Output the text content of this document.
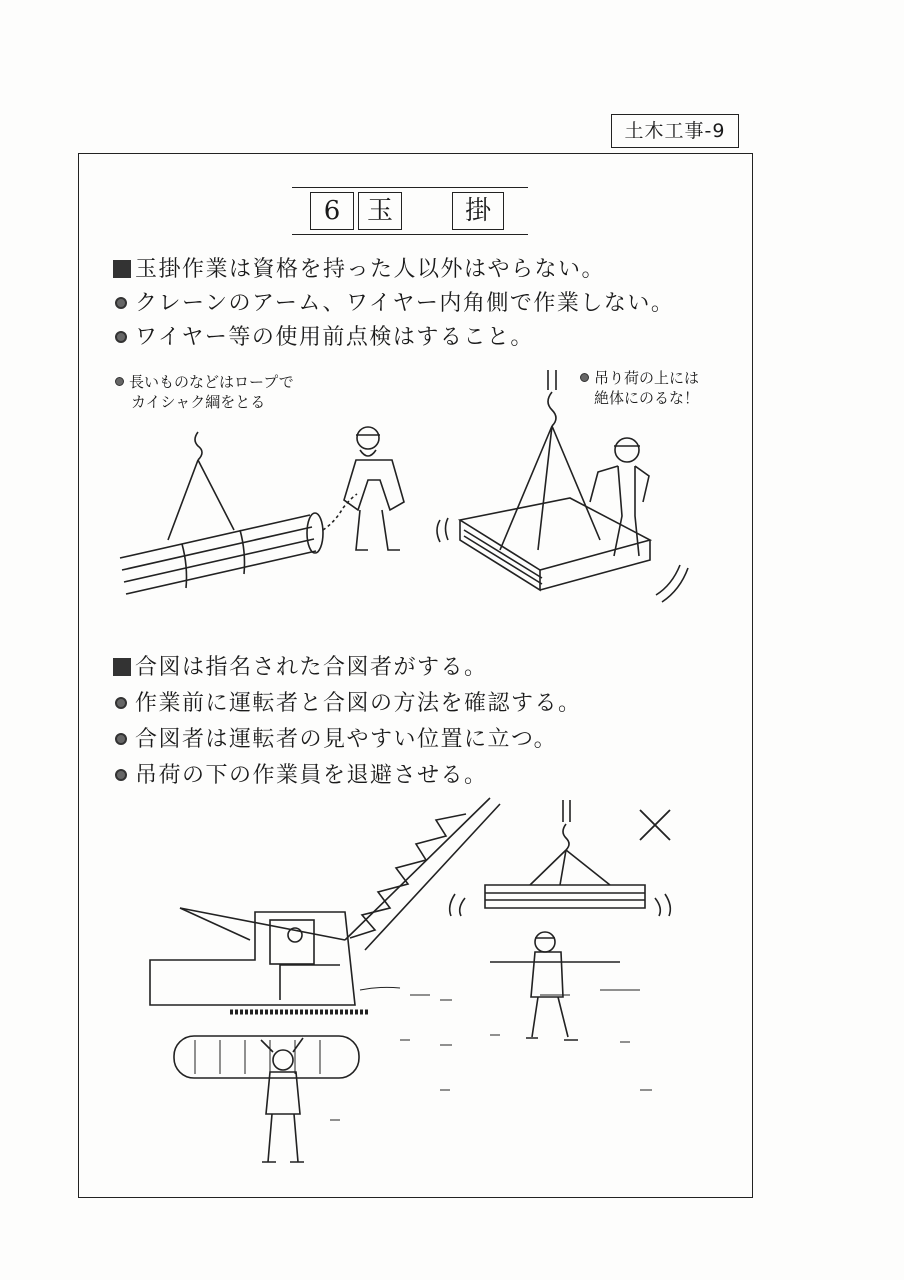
土木工事-9
6	玉	掛
玉掛作業は資格を持った人以外はやらない。
クレーンのアーム、ワイヤー内角側で作業しない。
ワイヤー等の使用前点検はすること。
長いものなどはロープで
カイシャク綱をとる
吊り荷の上には
絶体にのるな！
合図は指名された合図者がする。
作業前に運転者と合図の方法を確認する。
合図者は運転者の見やすい位置に立つ。
吊荷の下の作業員を退避させる。
